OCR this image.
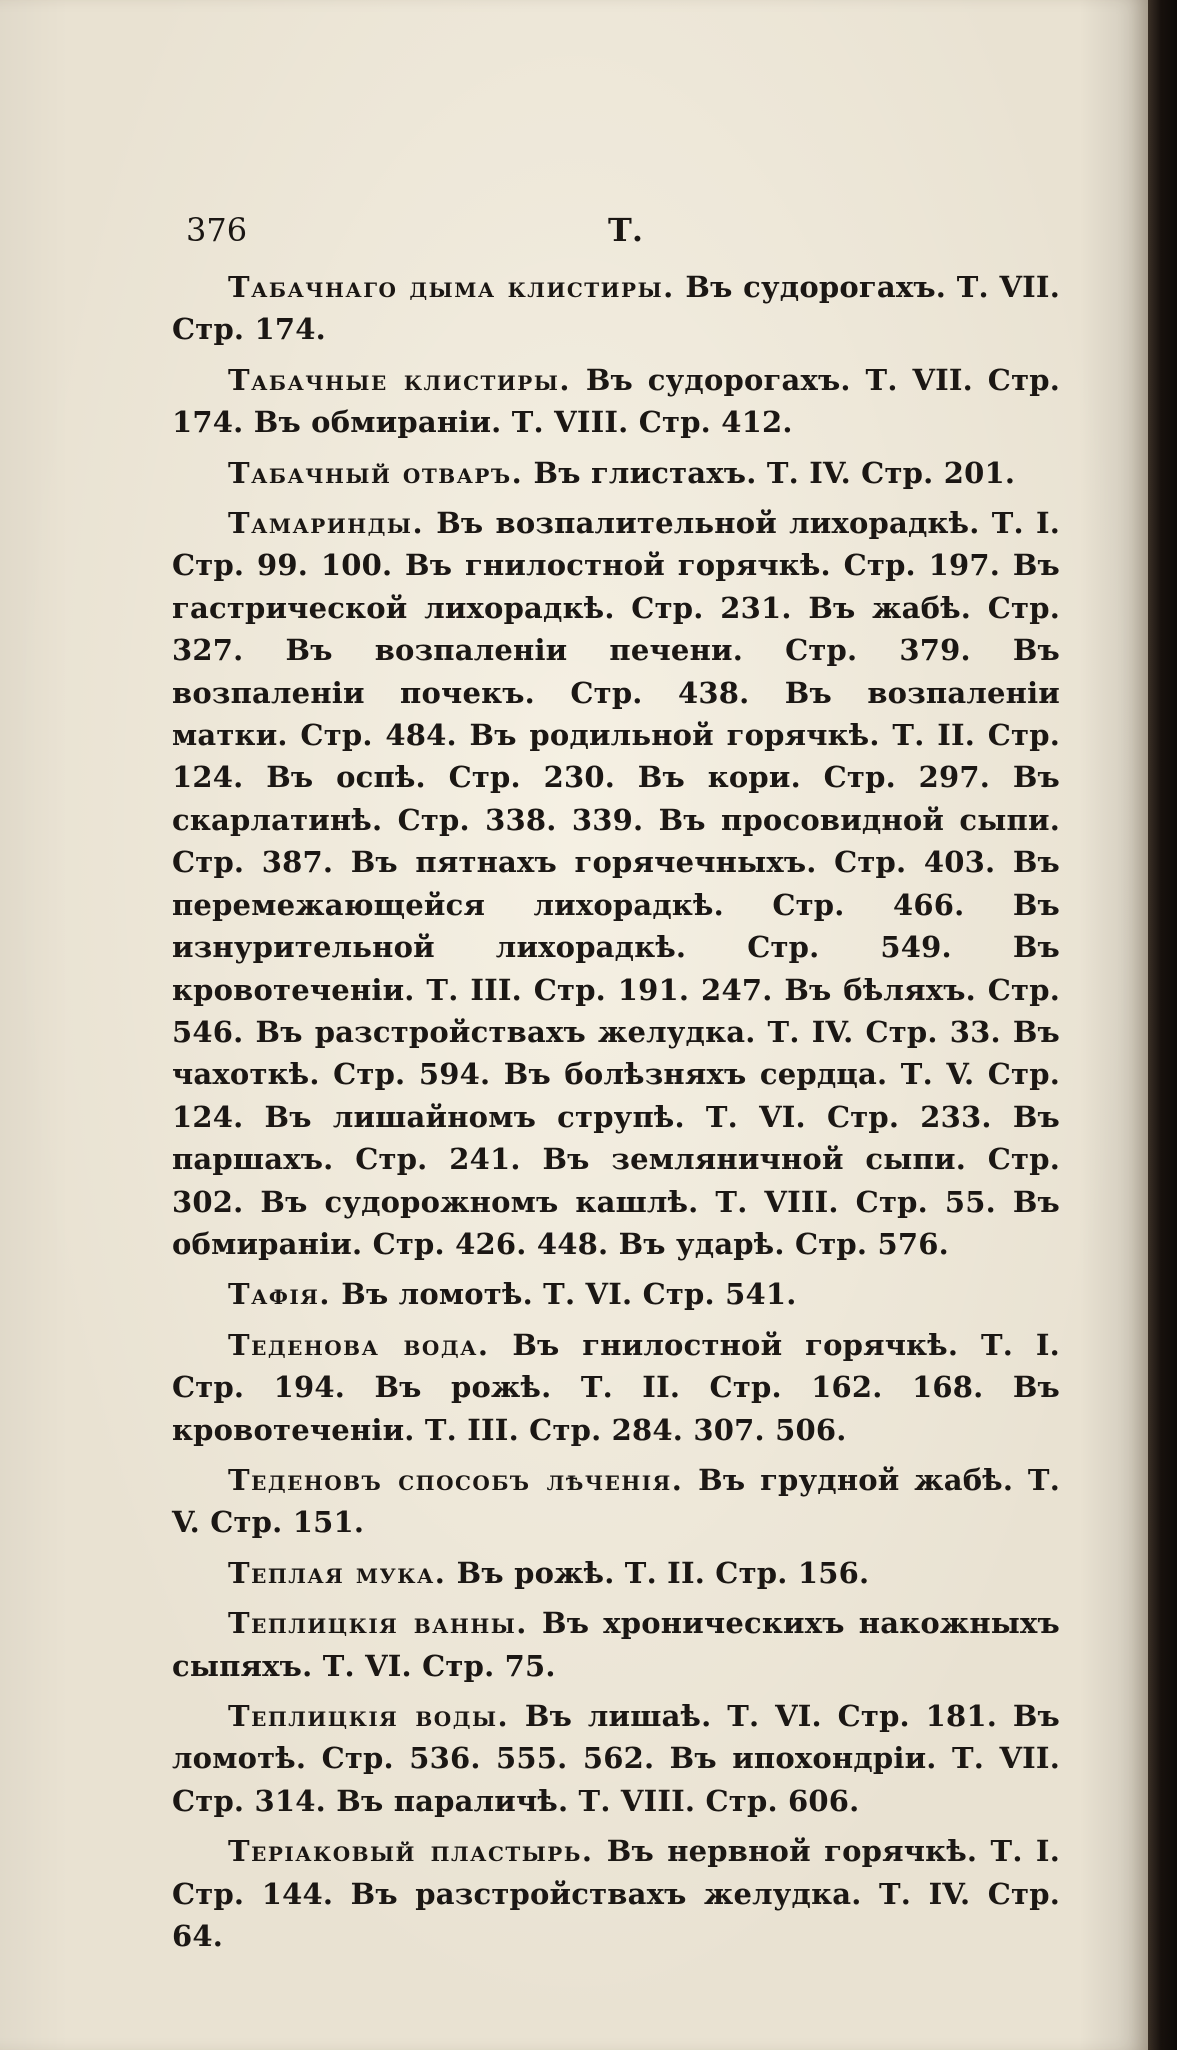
376	Т.

Табачнаго дыма клистиры. Въ судорогахъ. Т. VII. Стр. 174.

Табачные клистиры. Въ судорогахъ. Т. VII. Стр. 174. Въ обмираніи. Т. VIII. Стр. 412.

Табачный отваръ. Въ глистахъ. Т. IV. Стр. 201.

Тамаринды. Въ возпалительной лихорадкѣ. Т. I. Стр. 99. 100. Въ гнилостной горячкѣ. Стр. 197. Въ гастрической лихорадкѣ. Стр. 231. Въ жабѣ. Стр. 327. Въ возпаленіи печени. Стр. 379. Въ возпаленіи почекъ. Стр. 438. Въ возпаленіи матки. Стр. 484. Въ родильной горячкѣ. Т. II. Стр. 124. Въ оспѣ. Стр. 230. Въ кори. Стр. 297. Въ скарлатинѣ. Стр. 338. 339. Въ просовидной сыпи. Стр. 387. Въ пятнахъ горячечныхъ. Стр. 403. Въ перемежающейся лихорадкѣ. Стр. 466. Въ изнурительной лихорадкѣ. Стр. 549. Въ кровотеченіи. Т. III. Стр. 191. 247. Въ бѣляхъ. Стр. 546. Въ разстройствахъ желудка. Т. IV. Стр. 33. Въ чахоткѣ. Стр. 594. Въ болѣзняхъ сердца. Т. V. Стр. 124. Въ лишайномъ струпѣ. Т. VI. Стр. 233. Въ паршахъ. Стр. 241. Въ земляничной сыпи. Стр. 302. Въ судорожномъ кашлѣ. Т. VIII. Стр. 55. Въ обмираніи. Стр. 426. 448. Въ ударѣ. Стр. 576.

Тафія. Въ ломотѣ. Т. VI. Стр. 541.

Теденова вода. Въ гнилостной горячкѣ. Т. I. Стр. 194. Въ рожѣ. Т. II. Стр. 162. 168. Въ кровотеченіи. Т. III. Стр. 284. 307. 506.

Теденовъ способъ лѣченія. Въ грудной жабѣ. Т. V. Стр. 151.

Теплая мука. Въ рожѣ. Т. II. Стр. 156.

Теплицкія ванны. Въ хроническихъ накожныхъ сыпяхъ. Т. VI. Стр. 75.

Теплицкія воды. Въ лишаѣ. Т. VI. Стр. 181. Въ ломотѣ. Стр. 536. 555. 562. Въ ипохондріи. Т. VII. Стр. 314. Въ параличѣ. Т. VIII. Стр. 606.

Теріаковый пластырь. Въ нервной горячкѣ. Т. I. Стр. 144. Въ разстройствахъ желудка. Т. IV. Стр. 64.
